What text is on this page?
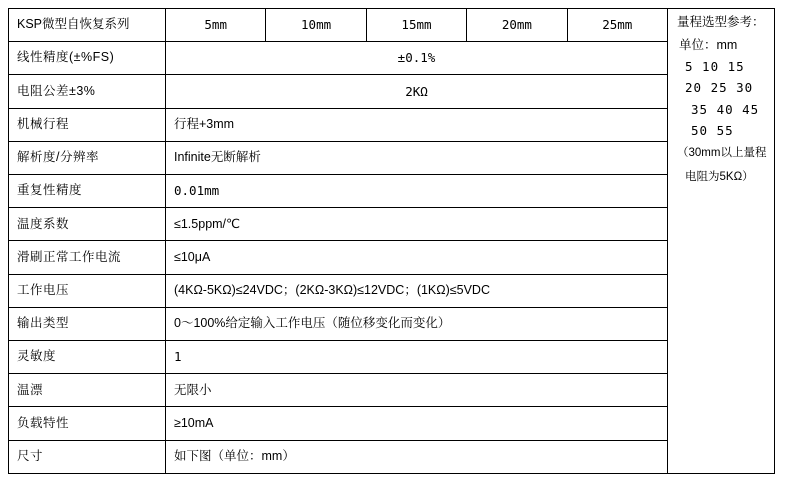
KSP微型自恢复系列	5mm	10mm	15mm	20mm	25mm
线性精度(±%FS)	±0.1%				
电阻公差±3%	2KΩ				
机械行程	行程+3mm				
解析度/分辨率	Infinite无断解析				
重复性精度	0.01mm				
温度系数	≤1.5ppm/℃				
滑刷正常工作电流	≤10μA				
工作电压	(4KΩ-5KΩ)≤24VDC；(2KΩ-3KΩ)≤12VDC；(1KΩ)≤5VDC				
输出类型	0～100%给定输入工作电压（随位移变化而变化）				
灵敏度	1				
温漂	无限小				
负载特性	≥10mA				
尺寸	如下图（单位：mm）				
量程选型参考：
单位：mm
5 10 15
20 25 30
35 40 45
50 55
（30mm以上量程
电阻为5KΩ）
